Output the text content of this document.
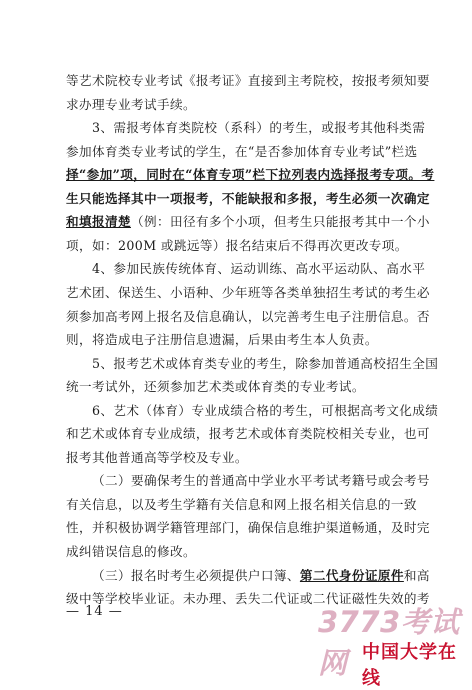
等艺术院校专业考试《报考证》直接到主考院校，按报考须知要
求办理专业考试手续。
3、需报考体育类院校（系科）的考生，或报考其他科类需
参加体育类专业考试的学生，在“是否参加体育专业考试”栏选
择“参加”项，同时在“体育专项”栏下拉列表内选择报考专项。考
生只能选择其中一项报考，不能缺报和多报，考生必须一次确定
和填报清楚（例：田径有多个小项，但考生只能报考其中一个小
项，如：200M 或跳远等）报名结束后不得再次更改专项。
4、参加民族传统体育、运动训练、高水平运动队、高水平
艺术团、保送生、小语种、少年班等各类单独招生考试的考生必
须参加高考网上报名及信息确认，以完善考生电子注册信息。否
则，将造成电子注册信息遗漏，后果由考生本人负责。
5、报考艺术或体育类专业的考生，除参加普通高校招生全国
统一考试外，还须参加艺术类或体育类的专业考试。
6、艺术（体育）专业成绩合格的考生，可根据高考文化成绩
和艺术或体育专业成绩，报考艺术或体育类院校相关专业，也可
报考其他普通高等学校及专业。
（二）要确保考生的普通高中学业水平考试考籍号或会考号
有关信息，以及考生学籍有关信息和网上报名相关信息的一致
性，并积极协调学籍管理部门，确保信息维护渠道畅通，及时完
— 14 —	3773考试网 中国大学在线
成纠错误信息的修改。
（三）报名时考生必须提供户口簿、第二代身份证原件和高
级中等学校毕业证。未办理、丢失二代证或二代证磁性失效的考
